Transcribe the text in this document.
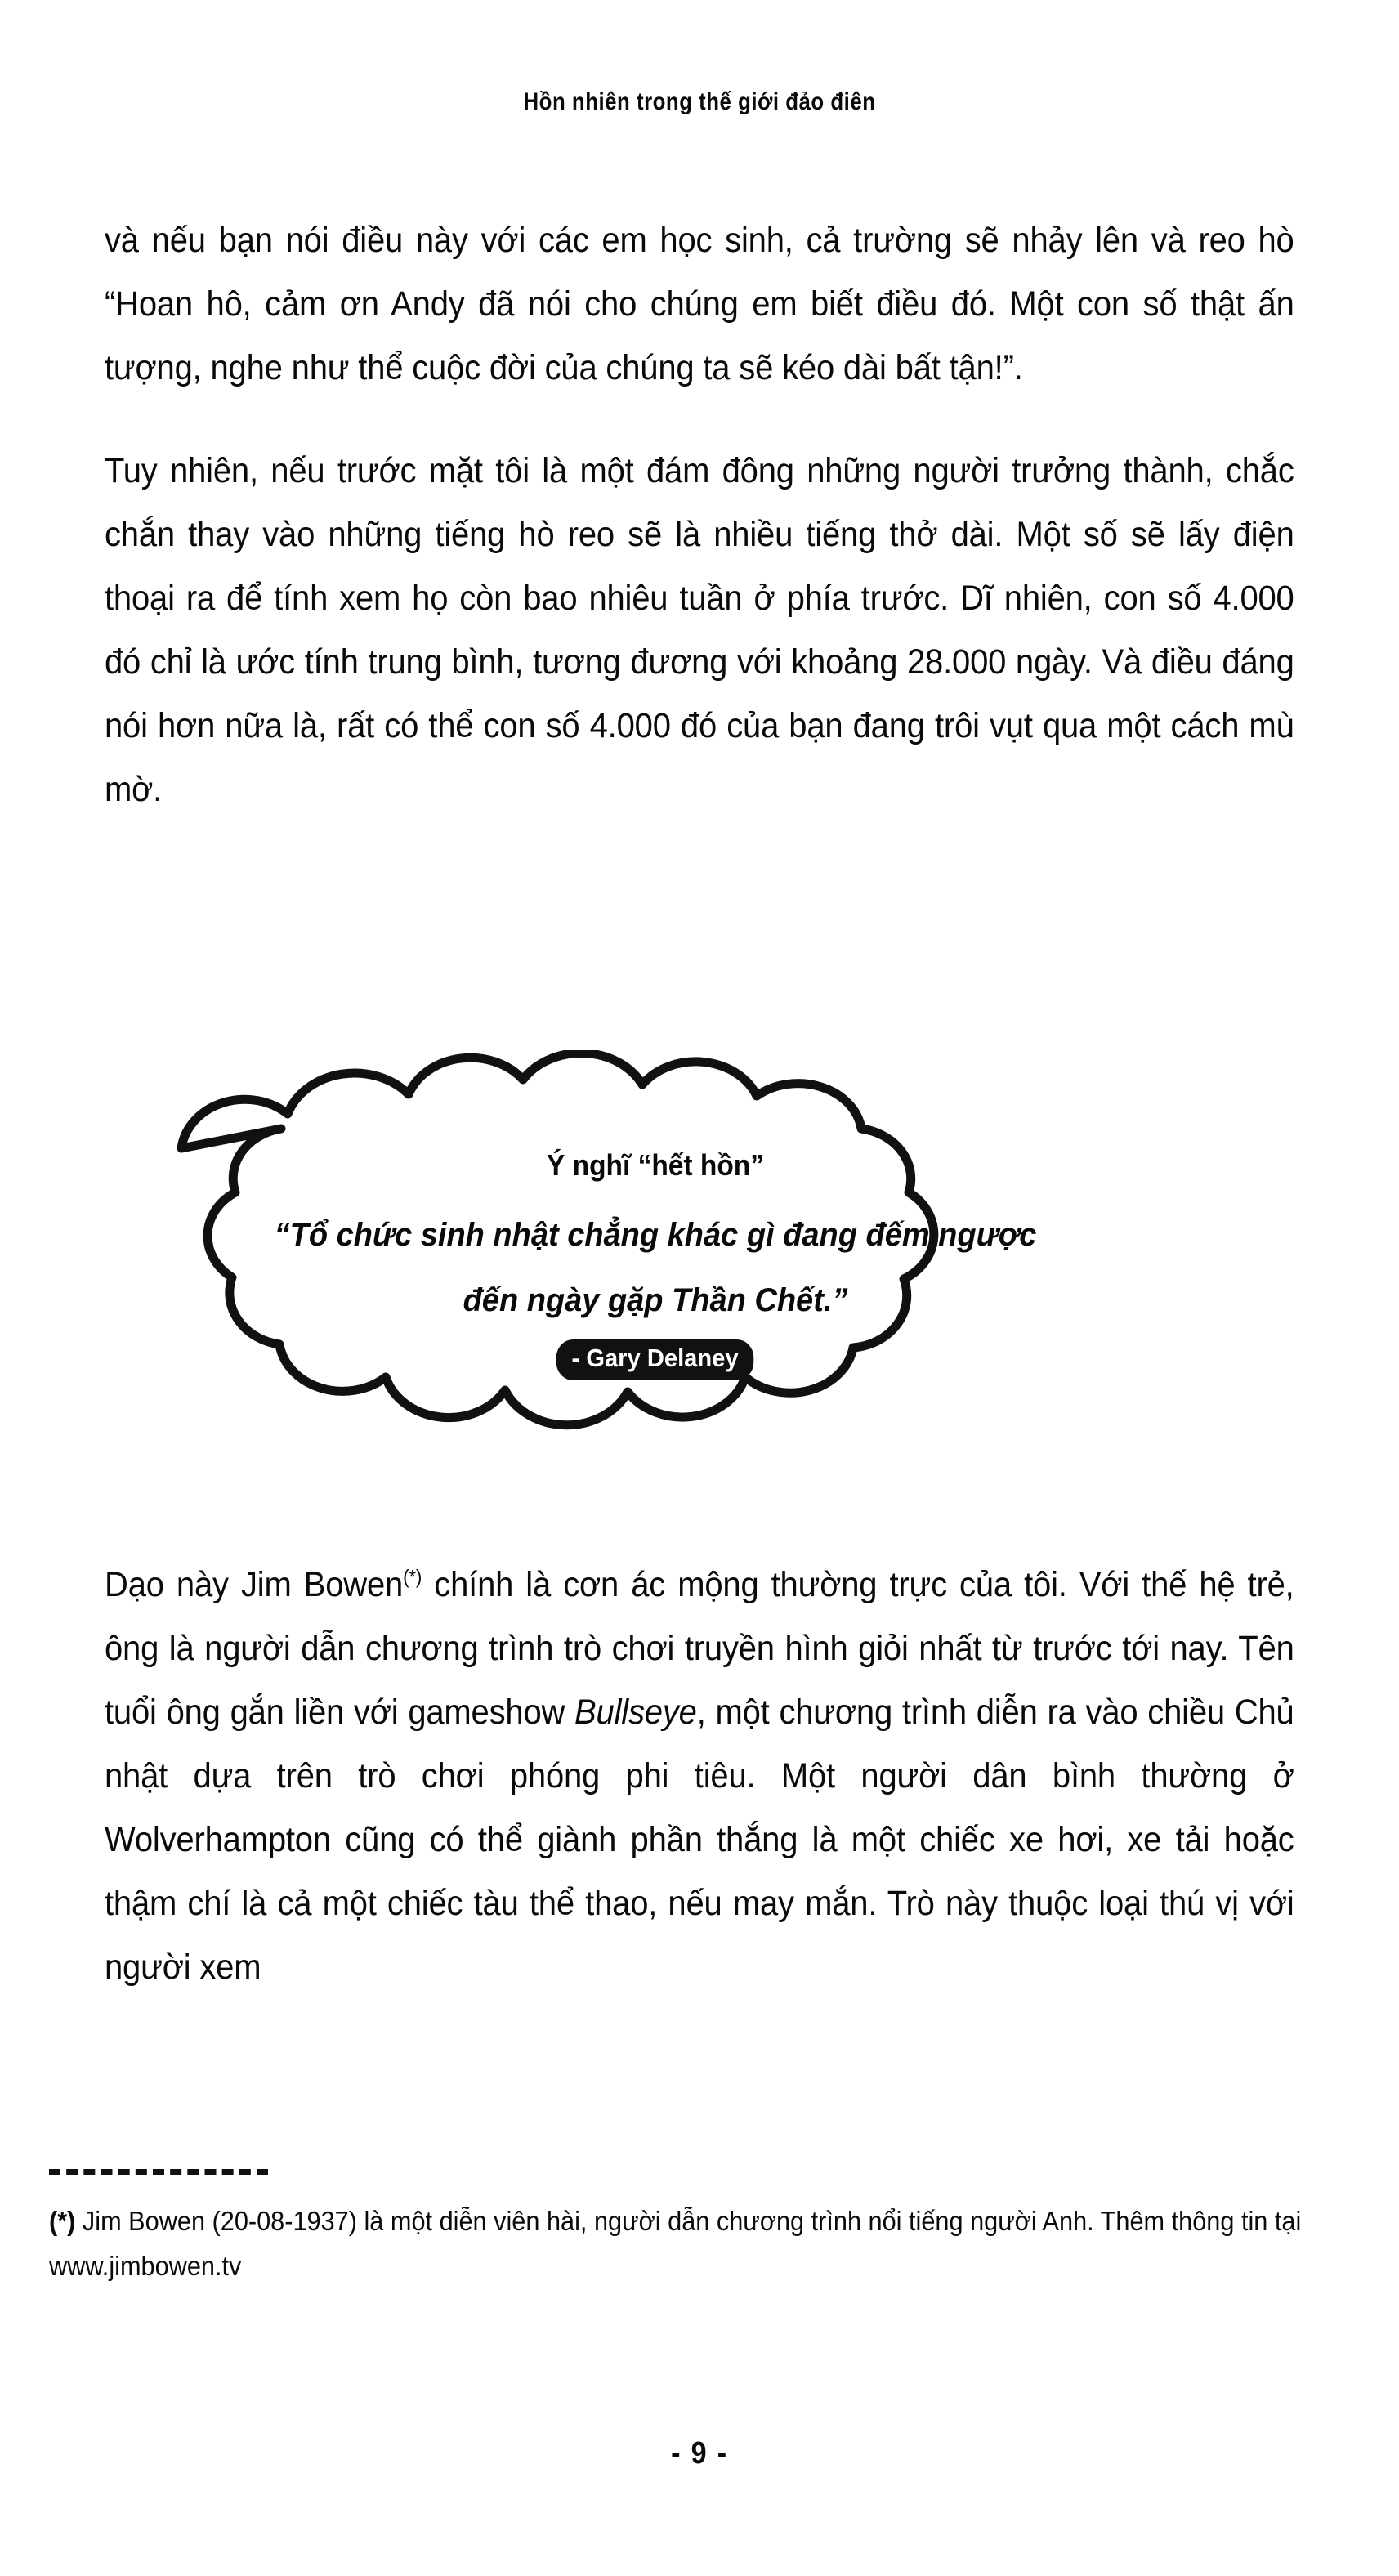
Hồn nhiên trong thế giới đảo điên

và nếu bạn nói điều này với các em học sinh, cả trường sẽ nhảy lên và reo hò “Hoan hô, cảm ơn Andy đã nói cho chúng em biết điều đó. Một con số thật ấn tượng, nghe như thể cuộc đời của chúng ta sẽ kéo dài bất tận!”.

Tuy nhiên, nếu trước mặt tôi là một đám đông những người trưởng thành, chắc chắn thay vào những tiếng hò reo sẽ là nhiều tiếng thở dài. Một số sẽ lấy điện thoại ra để tính xem họ còn bao nhiêu tuần ở phía trước. Dĩ nhiên, con số 4.000 đó chỉ là ước tính trung bình, tương đương với khoảng 28.000 ngày. Và điều đáng nói hơn nữa là, rất có thể con số 4.000 đó của bạn đang trôi vụt qua một cách mù mờ.

Ý nghĩ “hết hồn”
“Tổ chức sinh nhật chẳng khác gì đang đếm ngược
đến ngày gặp Thần Chết.”
- Gary Delaney

Dạo này Jim Bowen(*) chính là cơn ác mộng thường trực của tôi. Với thế hệ trẻ, ông là người dẫn chương trình trò chơi truyền hình giỏi nhất từ trước tới nay. Tên tuổi ông gắn liền với gameshow Bullseye, một chương trình diễn ra vào chiều Chủ nhật dựa trên trò chơi phóng phi tiêu. Một người dân bình thường ở Wolverhampton cũng có thể giành phần thắng là một chiếc xe hơi, xe tải hoặc thậm chí là cả một chiếc tàu thể thao, nếu may mắn. Trò này thuộc loại thú vị với người xem

(*) Jim Bowen (20-08-1937) là một diễn viên hài, người dẫn chương trình nổi tiếng người Anh. Thêm thông tin tại www.jimbowen.tv
- 9 -
